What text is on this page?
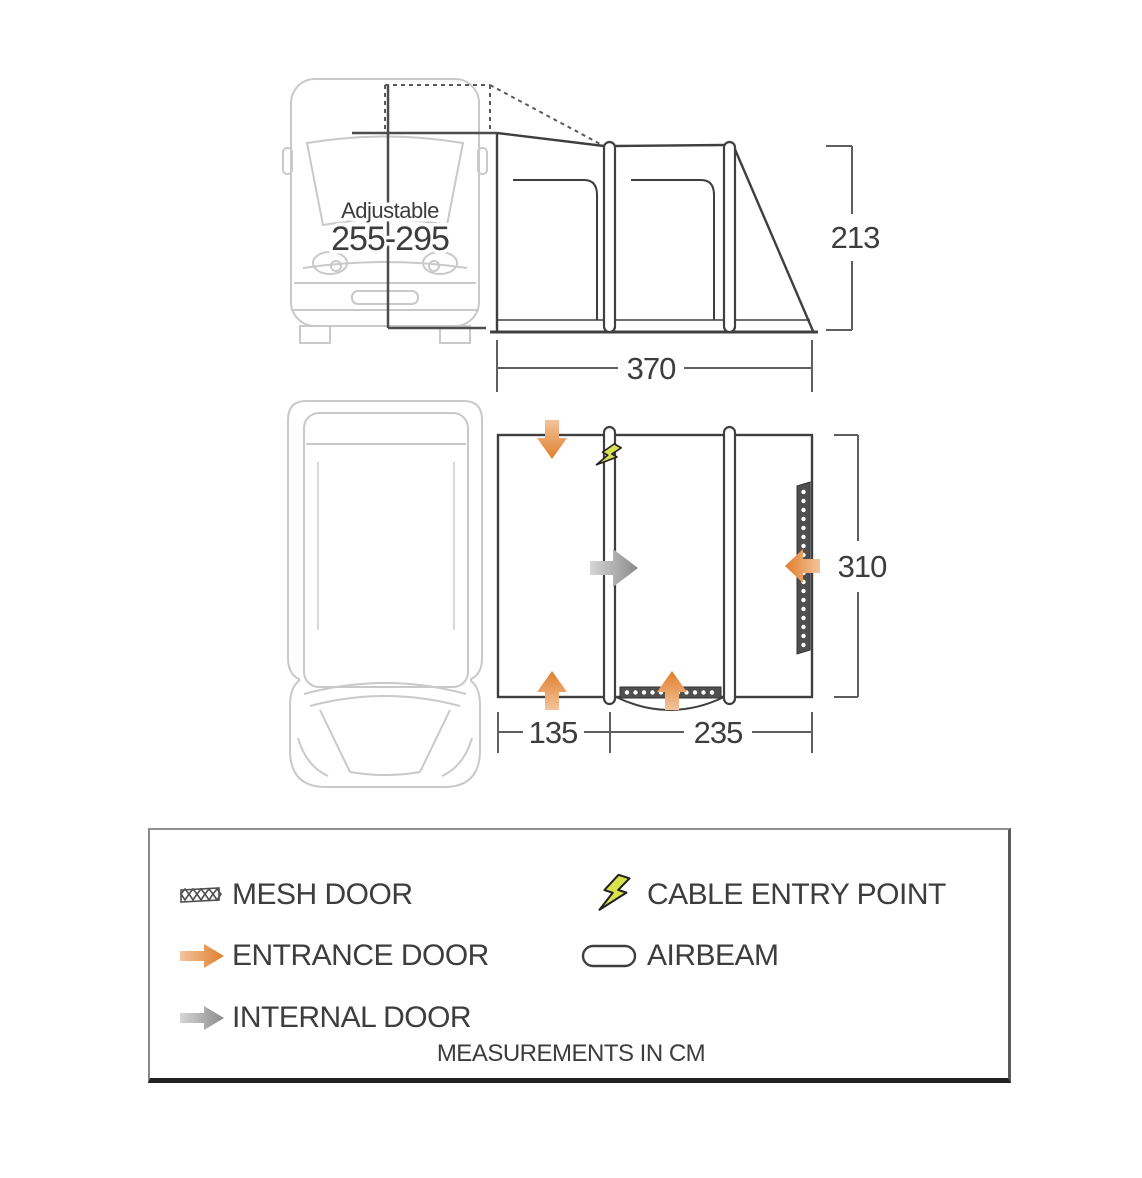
Adjustable
255-295	213
370
310
135	235
MESH DOOR	CABLE ENTRY POINT
ENTRANCE DOOR	AIRBEAM
INTERNAL DOOR
MEASUREMENTS IN CM
